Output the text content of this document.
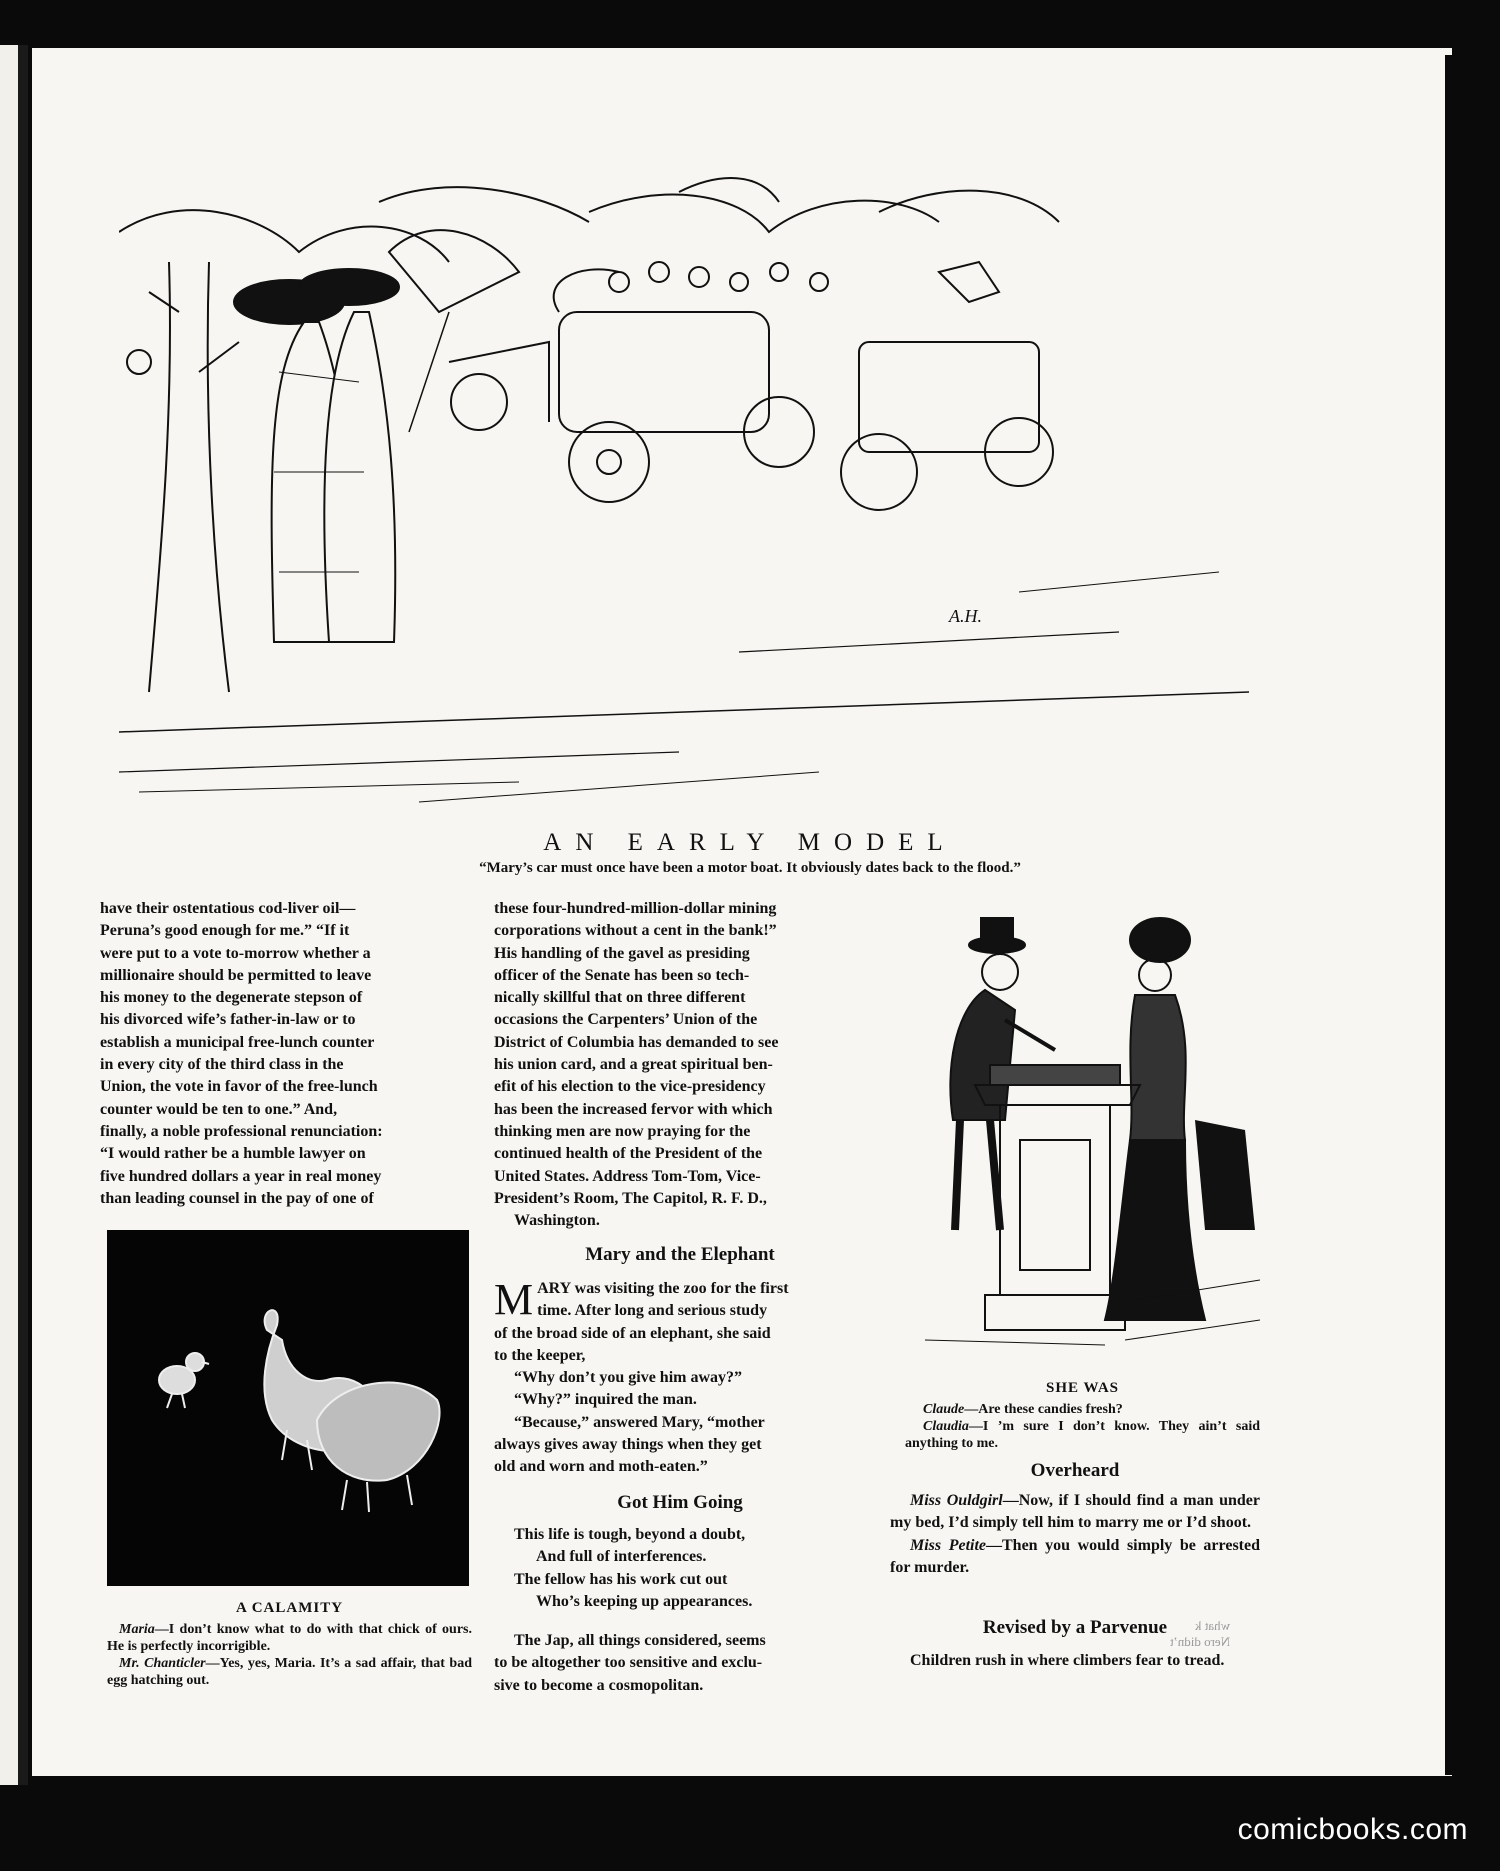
A.H.
AN EARLY MODEL
“Mary’s car must once have been a motor boat. It obviously dates back to the flood.”
have their ostentatious cod-liver oil—
Peruna’s good enough for me.” “If it
were put to a vote to-morrow whether a
millionaire should be permitted to leave
his money to the degenerate stepson of
his divorced wife’s father-in-law or to
establish a municipal free-lunch counter
in every city of the third class in the
Union, the vote in favor of the free-lunch
counter would be ten to one.” And,
finally, a noble professional renunciation:
“I would rather be a humble lawyer on
five hundred dollars a year in real money
than leading counsel in the pay of one of
A CALAMITY
Maria—I don’t know what to do with that chick of ours. He is perfectly incorrigible.
Mr. Chanticler—Yes, yes, Maria. It’s a sad affair, that bad egg hatching out.
these four-hundred-million-dollar mining
corporations without a cent in the bank!”
His handling of the gavel as presiding
officer of the Senate has been so tech-
nically skillful that on three different
occasions the Carpenters’ Union of the
District of Columbia has demanded to see
his union card, and a great spiritual ben-
efit of his election to the vice-presidency
has been the increased fervor with which
thinking men are now praying for the
continued health of the President of the
United States. Address Tom-Tom, Vice-
President’s Room, The Capitol, R. F. D.,
Washington.
Mary and the Elephant
M ARY was visiting the zoo for the first
time. After long and serious study
of the broad side of an elephant, she said
to the keeper,
“Why don’t you give him away?”
“Why?” inquired the man.
“Because,” answered Mary, “mother
always gives away things when they get
old and worn and moth-eaten.”
Got Him Going
This life is tough, beyond a doubt,
And full of interferences.
The fellow has his work cut out
Who’s keeping up appearances.
The Jap, all things considered, seems
to be altogether too sensitive and exclu-
sive to become a cosmopolitan.
SHE WAS
Claude—Are these candies fresh?
Claudia—I ’m sure I don’t know. They ain’t said anything to me.
Overheard

Miss Ouldgirl—Now, if I should find a man under my bed, I’d simply tell him to marry me or I’d shoot.

Miss Petite—Then you would simply be arrested for murder.

Revised by a Parvenue

Children rush in where climbers fear to tread.

what k
Nero didn’t
comicbooks.com
